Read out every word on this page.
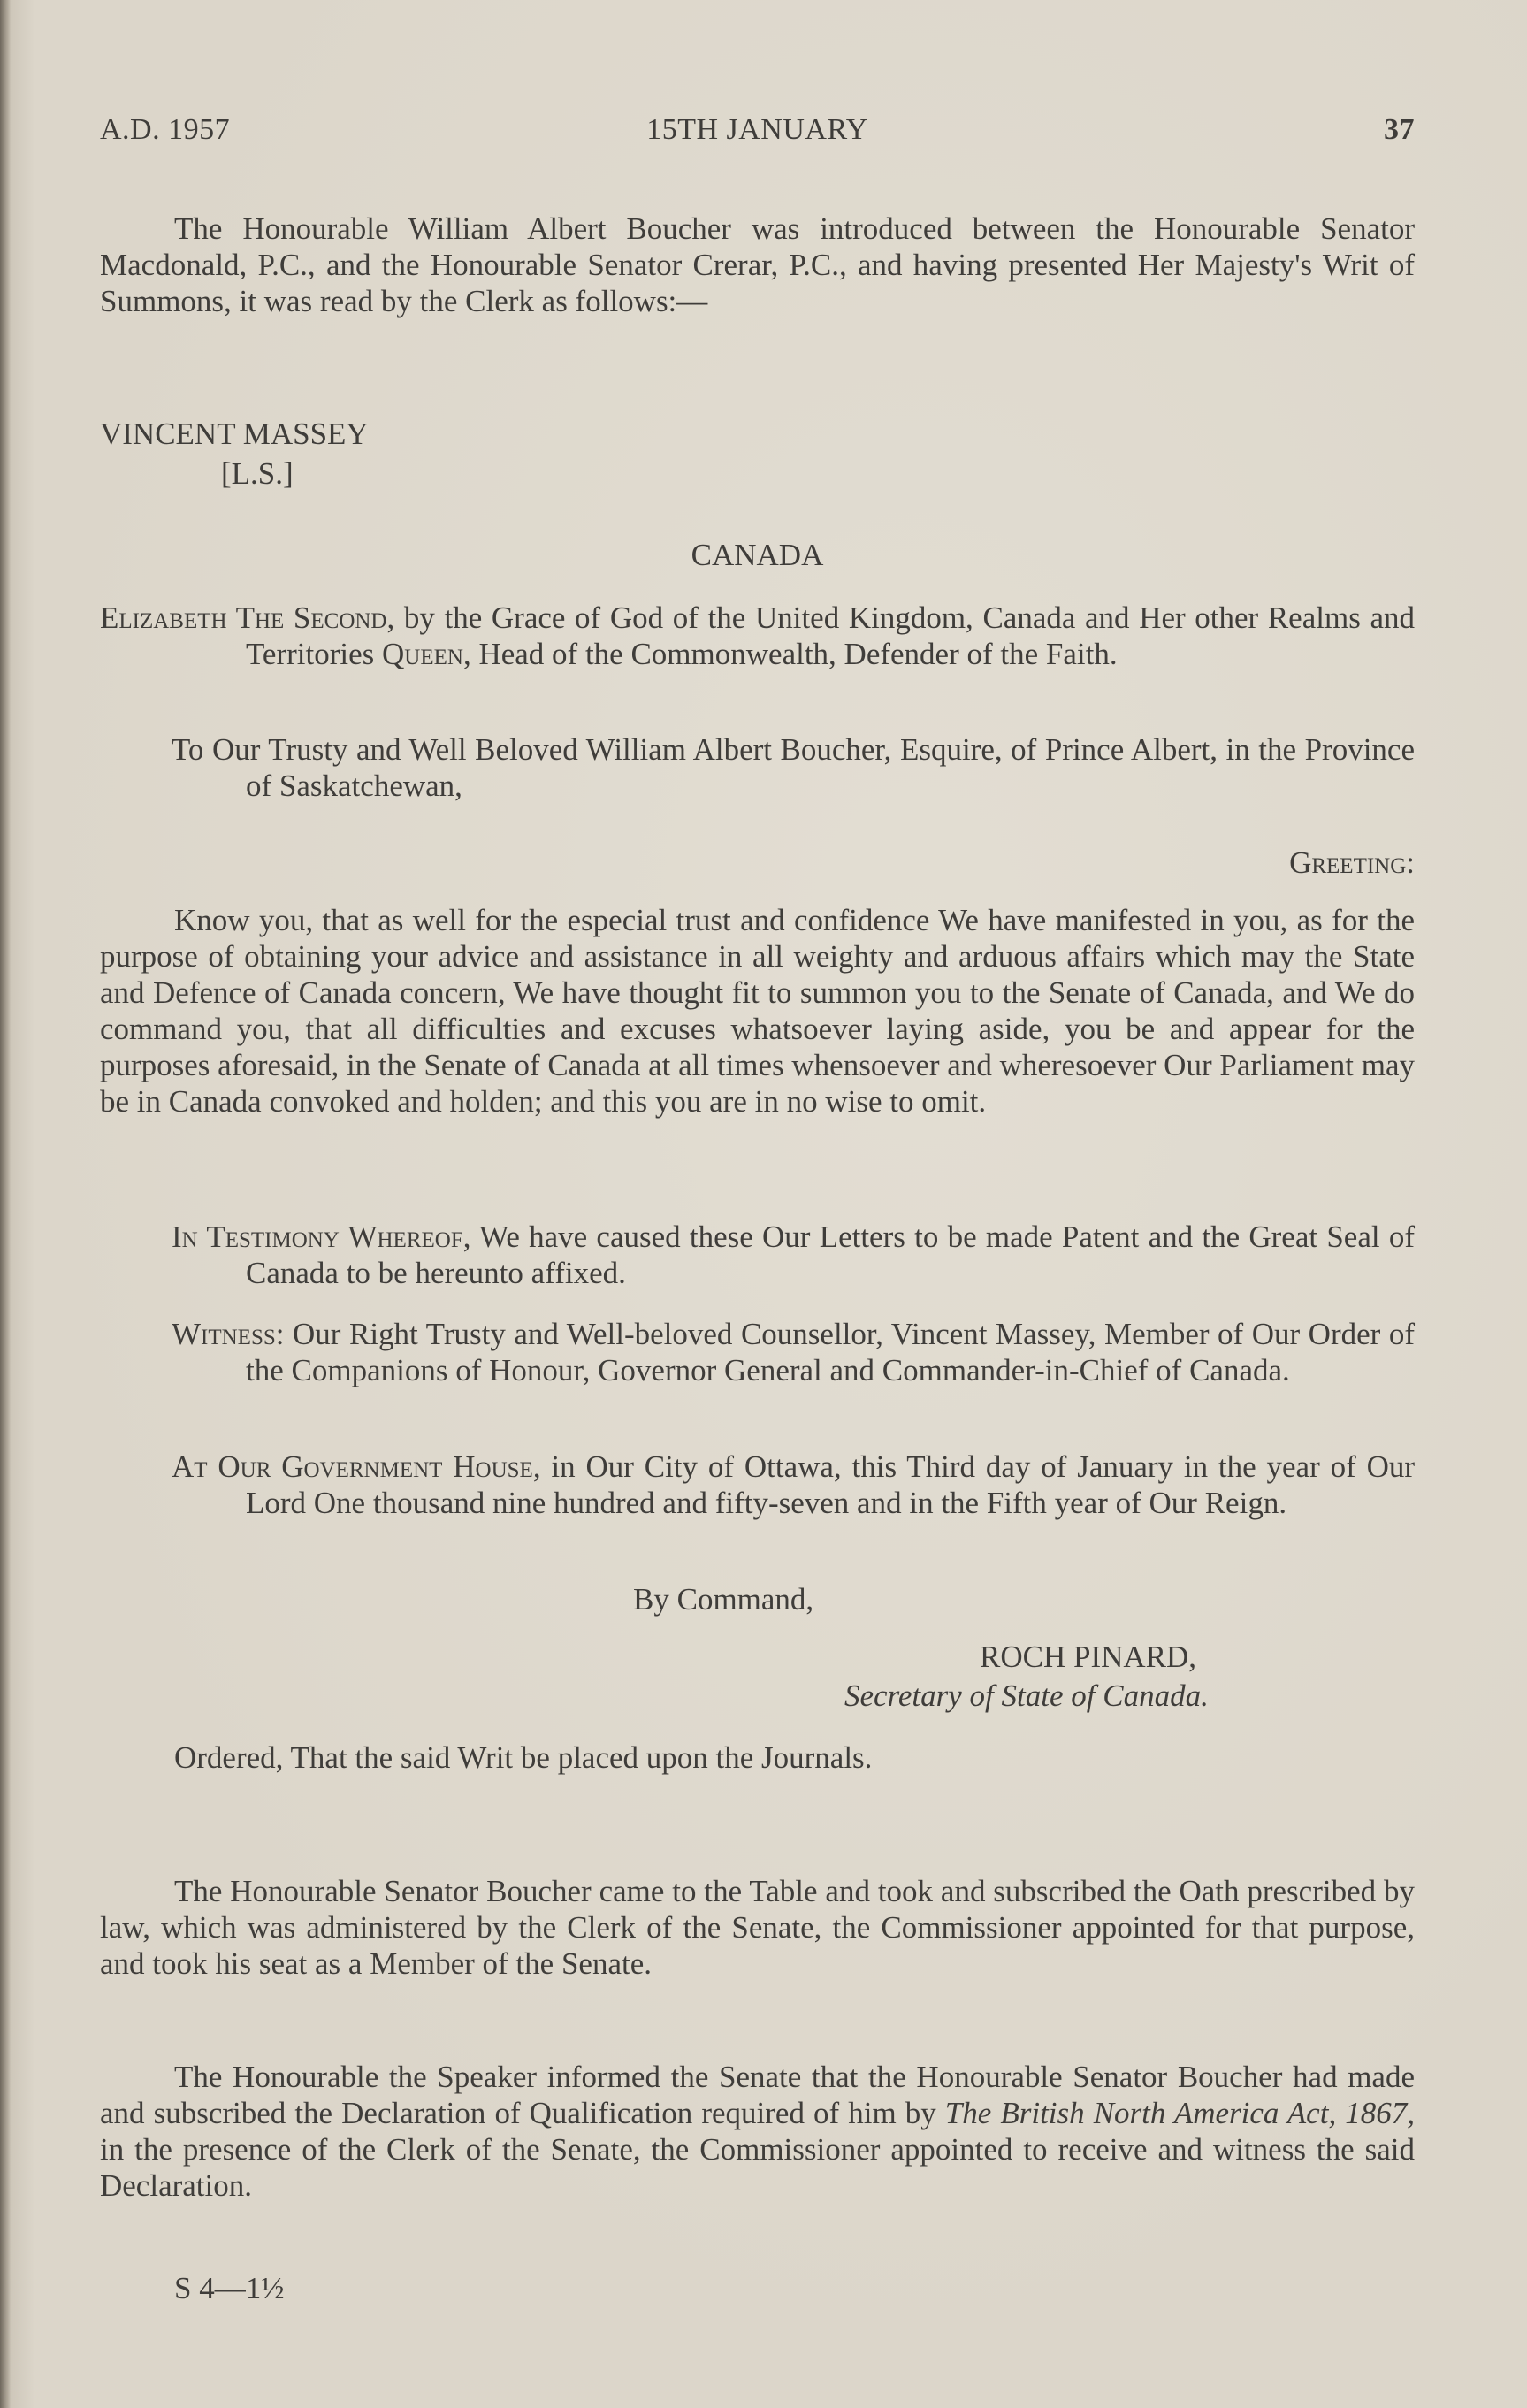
A.D. 1957	15TH JANUARY	37

The Honourable William Albert Boucher was introduced between the Honourable Senator Macdonald, P.C., and the Honourable Senator Crerar, P.C., and having presented Her Majesty's Writ of Summons, it was read by the Clerk as follows:—

VINCENT MASSEY

[L.S.]

CANADA

Elizabeth The Second, by the Grace of God of the United Kingdom, Canada and Her other Realms and Territories Queen, Head of the Commonwealth, Defender of the Faith.

To Our Trusty and Well Beloved William Albert Boucher, Esquire, of Prince Albert, in the Province of Saskatchewan,

Greeting:

Know you, that as well for the especial trust and confidence We have manifested in you, as for the purpose of obtaining your advice and assistance in all weighty and arduous affairs which may the State and Defence of Canada concern, We have thought fit to summon you to the Senate of Canada, and We do command you, that all difficulties and excuses whatsoever laying aside, you be and appear for the purposes aforesaid, in the Senate of Canada at all times whensoever and wheresoever Our Parliament may be in Canada convoked and holden; and this you are in no wise to omit.

In Testimony Whereof, We have caused these Our Letters to be made Patent and the Great Seal of Canada to be hereunto affixed.

Witness: Our Right Trusty and Well-beloved Counsellor, Vincent Massey, Member of Our Order of the Companions of Honour, Governor General and Commander-in-Chief of Canada.

At Our Government House, in Our City of Ottawa, this Third day of January in the year of Our Lord One thousand nine hundred and fifty-seven and in the Fifth year of Our Reign.

By Command,

ROCH PINARD,

Secretary of State of Canada.

Ordered, That the said Writ be placed upon the Journals.

The Honourable Senator Boucher came to the Table and took and subscribed the Oath prescribed by law, which was administered by the Clerk of the Senate, the Commissioner appointed for that purpose, and took his seat as a Member of the Senate.

The Honourable the Speaker informed the Senate that the Honourable Senator Boucher had made and subscribed the Declaration of Qualification required of him by The British North America Act, 1867, in the presence of the Clerk of the Senate, the Commissioner appointed to receive and witness the said Declaration.

S 4—1½
